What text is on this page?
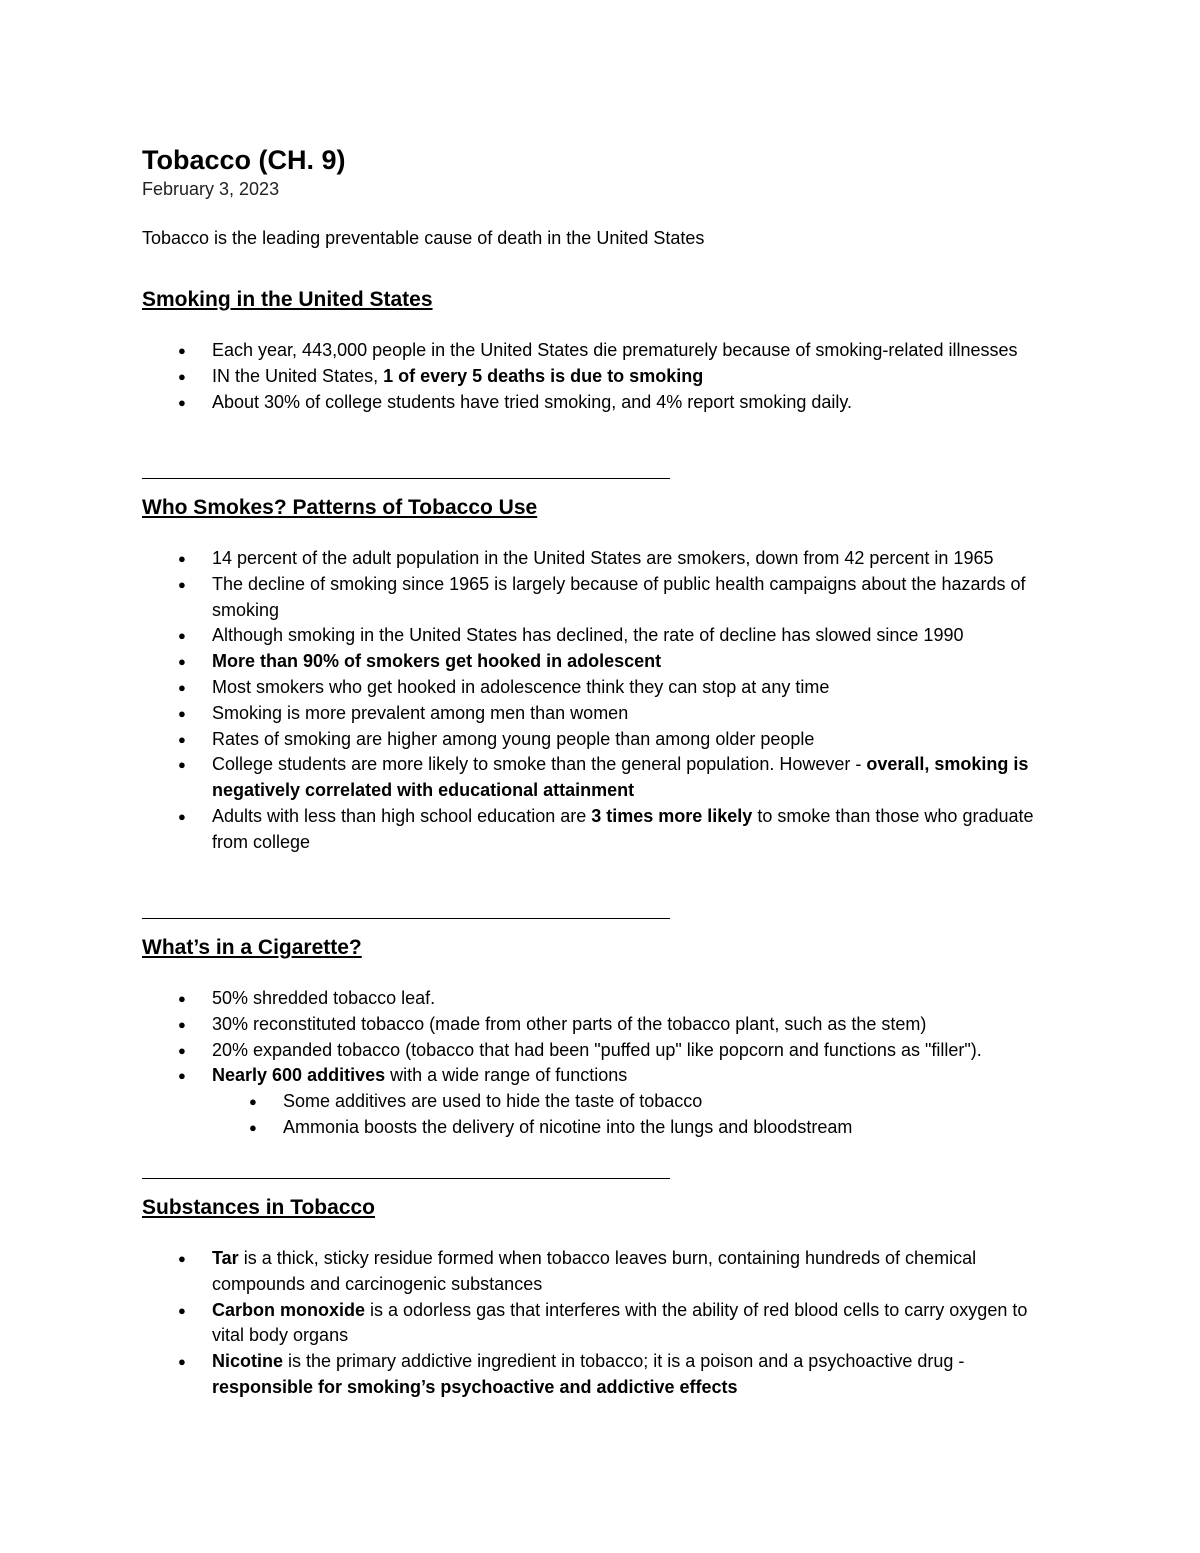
Tobacco (CH. 9)

February 3, 2023

Tobacco is the leading preventable cause of death in the United States

Smoking in the United States
● Each year, 443,000 people in the United States die prematurely because of smoking-related illnesses
● IN the United States, 1 of every 5 deaths is due to smoking
● About 30% of college students have tried smoking, and 4% report smoking daily.
Who Smokes? Patterns of Tobacco Use
● 14 percent of the adult population in the United States are smokers, down from 42 percent in 1965
● The decline of smoking since 1965 is largely because of public health campaigns about the hazards of smoking
● Although smoking in the United States has declined, the rate of decline has slowed since 1990
● More than 90% of smokers get hooked in adolescent
● Most smokers who get hooked in adolescence think they can stop at any time
● Smoking is more prevalent among men than women
● Rates of smoking are higher among young people than among older people
● College students are more likely to smoke than the general population. However - overall, smoking is negatively correlated with educational attainment
● Adults with less than high school education are 3 times more likely to smoke than those who graduate from college
What’s in a Cigarette?
● 50% shredded tobacco leaf.
● 30% reconstituted tobacco (made from other parts of the tobacco plant, such as the stem)
● 20% expanded tobacco (tobacco that had been "puffed up" like popcorn and functions as "filler").
● Nearly 600 additives with a wide range of functions
● Some additives are used to hide the taste of tobacco
● Ammonia boosts the delivery of nicotine into the lungs and bloodstream
Substances in Tobacco
● Tar is a thick, sticky residue formed when tobacco leaves burn, containing hundreds of chemical compounds and carcinogenic substances
● Carbon monoxide is a odorless gas that interferes with the ability of red blood cells to carry oxygen to vital body organs
● Nicotine is the primary addictive ingredient in tobacco; it is a poison and a psychoactive drug - responsible for smoking’s psychoactive and addictive effects
